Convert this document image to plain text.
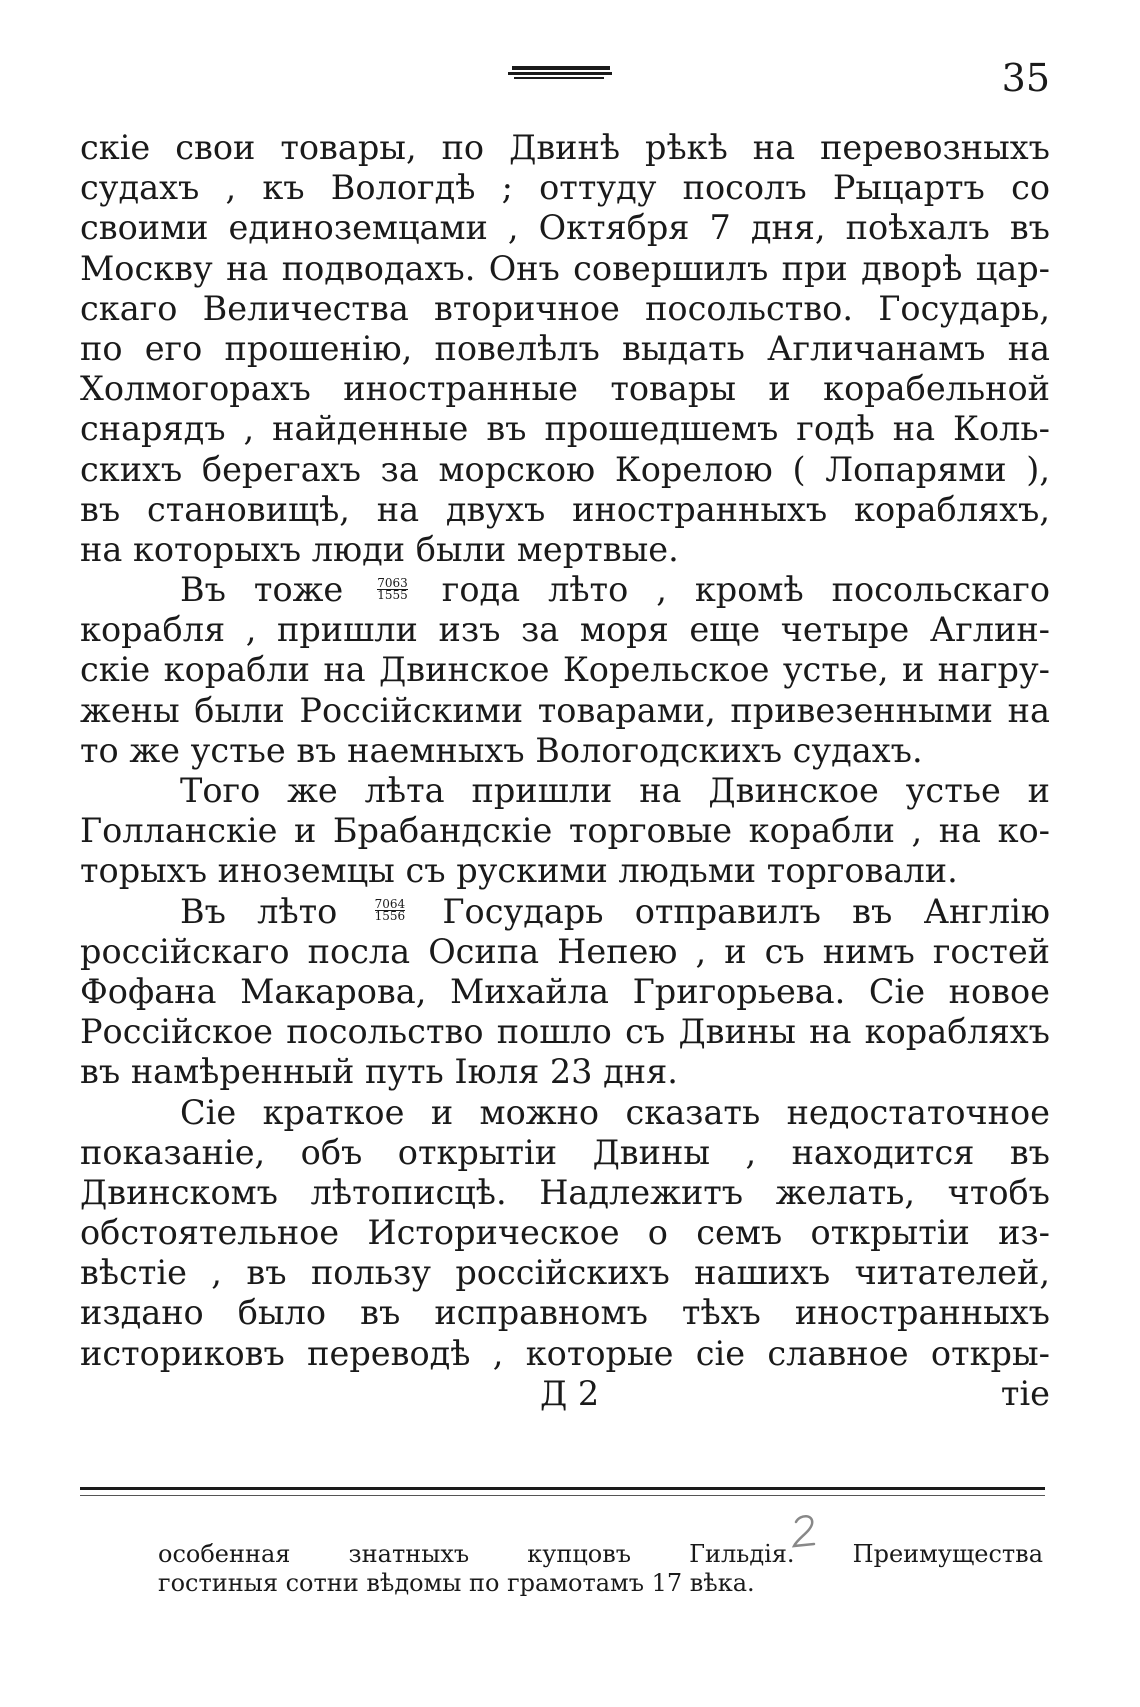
35
скіе свои товары, по Двинѣ рѣкѣ на перевозныхъ
судахъ , къ Вологдѣ ; оттуду посолъ Рыцартъ со
своими единоземцами , Октября 7 дня, поѣхалъ въ
Москву на подводахъ. Онъ совершилъ при дворѣ цар-
скаго Величества вторичное посольство. Государь,
по его прошенію, повелѣлъ выдать Агличанамъ на
Холмогорахъ иностранные товары и корабельной
снарядъ , найденные въ прошедшемъ годѣ на Коль-
скихъ берегахъ за морскою Корелою ( Лопарями ),
въ становищѣ, на двухъ иностранныхъ корабляхъ,
на которыхъ люди были мертвые.
Въ тоже	$\frac{7063}{1555}$ года лѣто , кромѣ посольскаго
корабля , пришли изъ за моря еще четыре Аглин-
скіе корабли на Двинское Корельское устье, и нагру-
жены были Россійскими товарами, привезенными на
то же устье въ наемныхъ Вологодскихъ судахъ.
Того же лѣта пришли на Двинское устье и
Голланскіе и Брабандскіе торговые корабли , на ко-
торыхъ иноземцы съ рускими людьми торговали.
Въ лѣто	$\frac{7064}{1556}$ Государь отправилъ въ Англію
россійскаго посла Осипа Непею , и съ нимъ гостей
Фофана Макарова, Михайла Григорьева. Сіе новое
Россійское посольство пошло съ Двины на корабляхъ
въ намѣренный путь Іюля 23 дня.
Сіе краткое и можно сказать недостаточное
показаніе, объ открытіи Двины , находится въ
Двинскомъ лѣтописцѣ. Надлежитъ желать, чтобъ
обстоятельное Историческое о семъ открытіи из-
вѣстіе , въ пользу россійскихъ нашихъ читателей,
издано было въ исправномъ тѣхъ иностранныхъ
историковъ переводѣ , которые сіе славное откры-
Д 2	тіе
особенная знатныхъ купцовъ Гильдія. Преимущества
гостиныя сотни вѣдомы по грамотамъ 17 вѣка.
